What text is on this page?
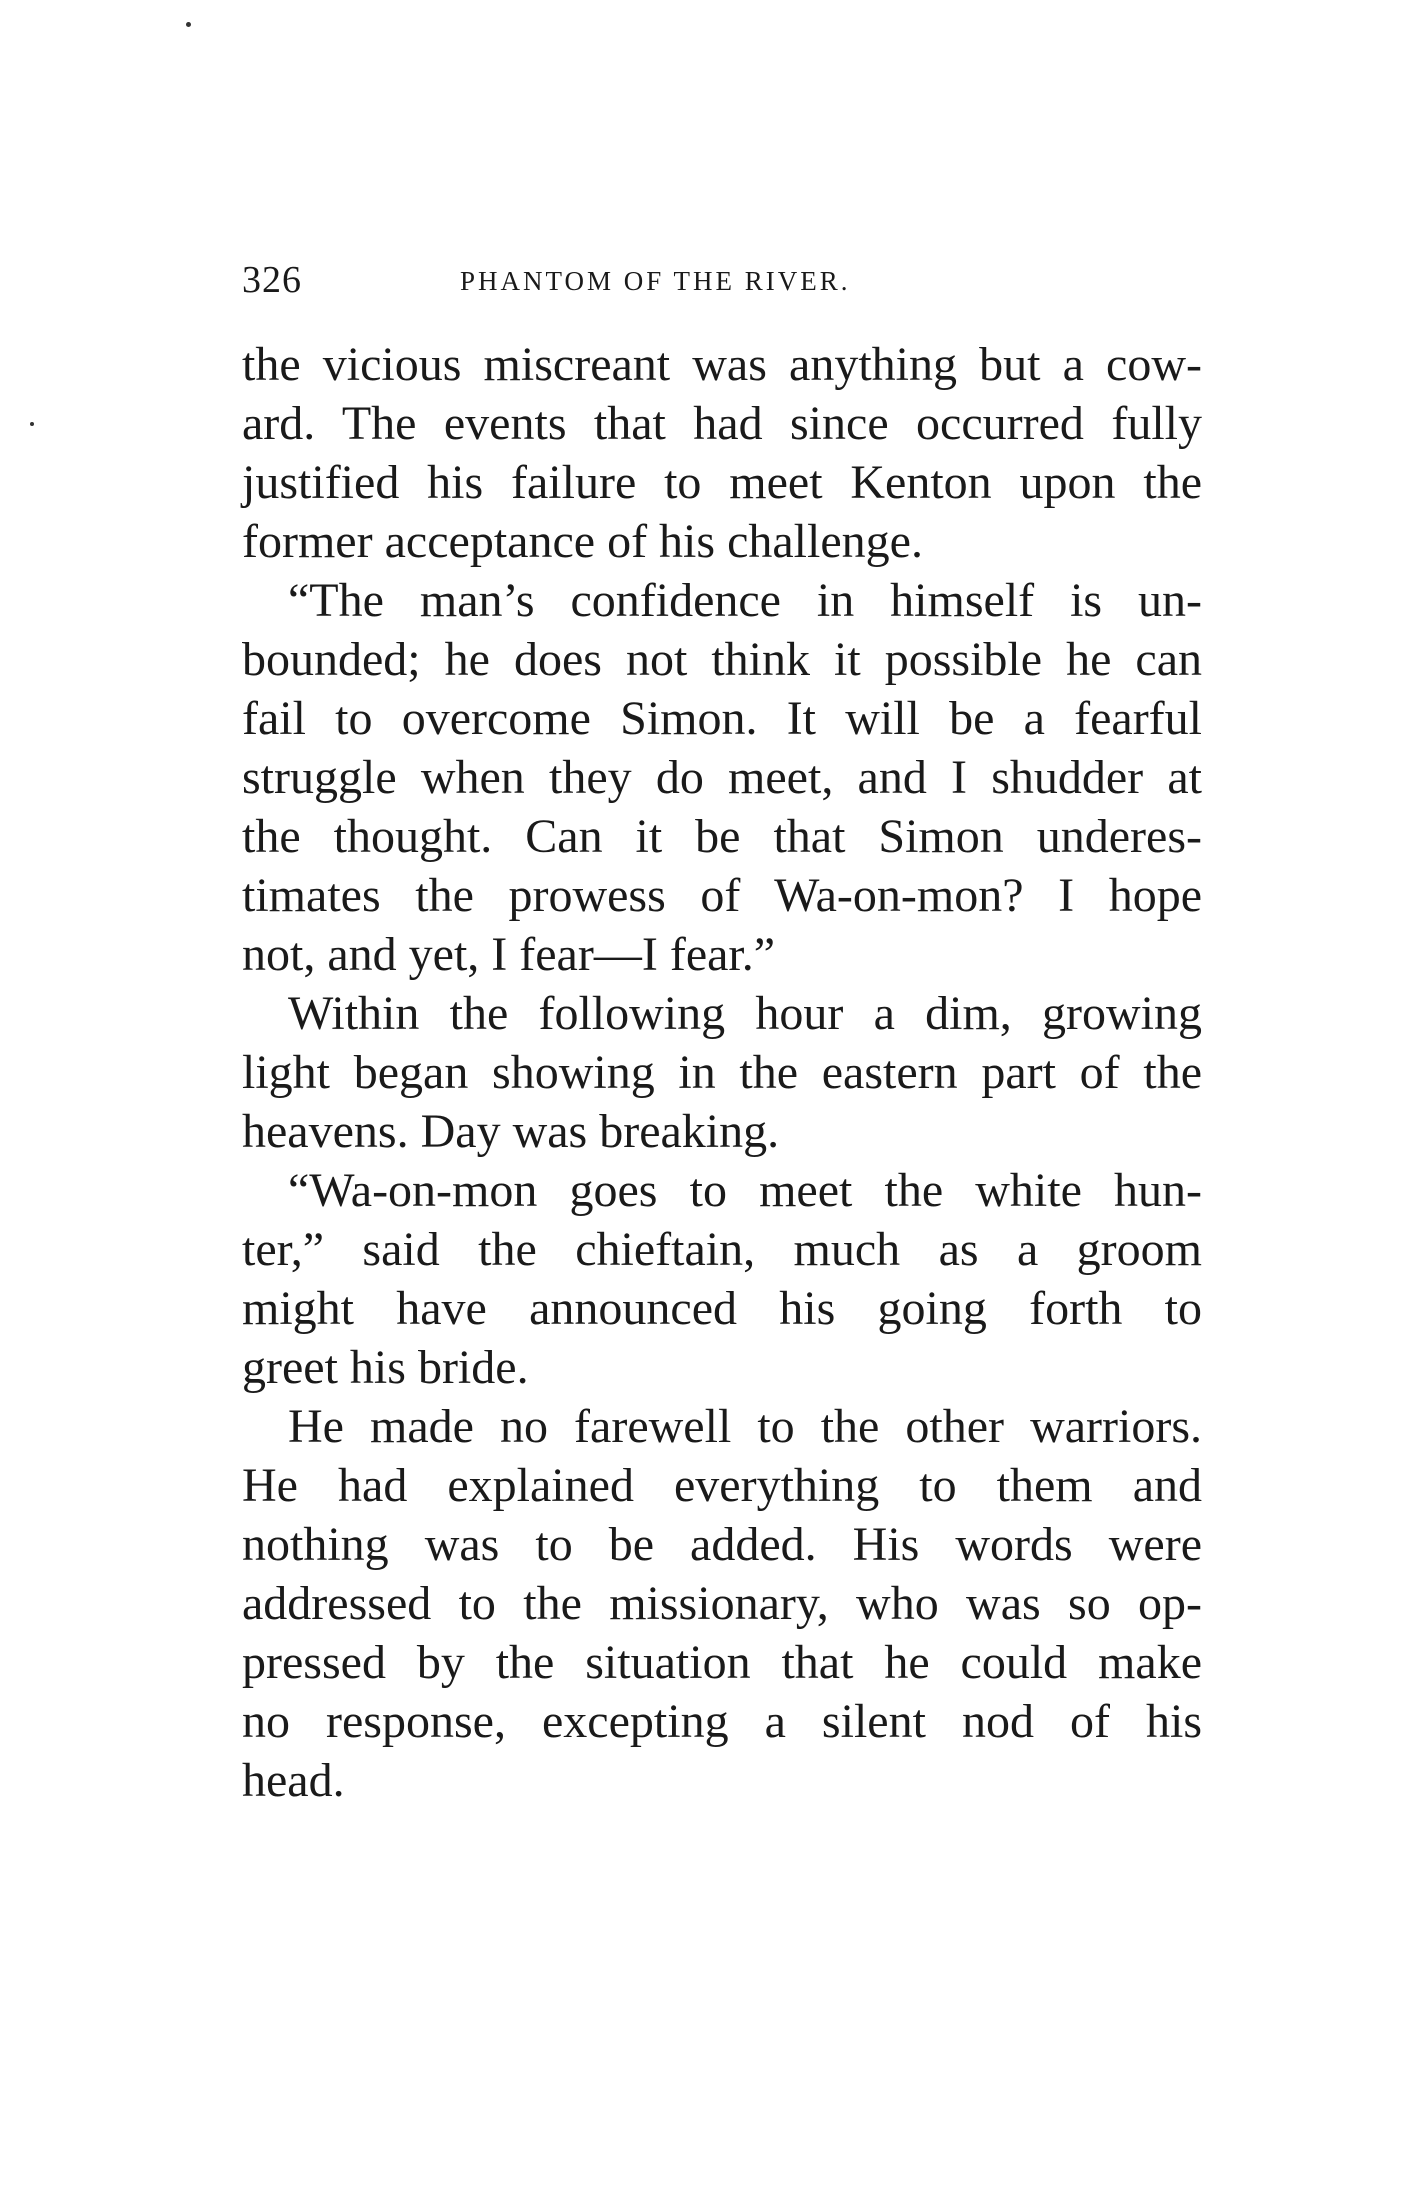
326	PHANTOM OF THE RIVER.
the vicious miscreant was anything but a cow-
ard. The events that had since occurred fully
justified his failure to meet Kenton upon the
former acceptance of his challenge.
“The man’s confidence in himself is un-
bounded; he does not think it possible he can
fail to overcome Simon. It will be a fearful
struggle when they do meet, and I shudder at
the thought. Can it be that Simon underes-
timates the prowess of Wa-on-mon? I hope
not, and yet, I fear—I fear.”
Within the following hour a dim, growing
light began showing in the eastern part of the
heavens. Day was breaking.
“Wa-on-mon goes to meet the white hun-
ter,” said the chieftain, much as a groom
might have announced his going forth to
greet his bride.
He made no farewell to the other warriors.
He had explained everything to them and
nothing was to be added. His words were
addressed to the missionary, who was so op-
pressed by the situation that he could make
no response, excepting a silent nod of his
head.
